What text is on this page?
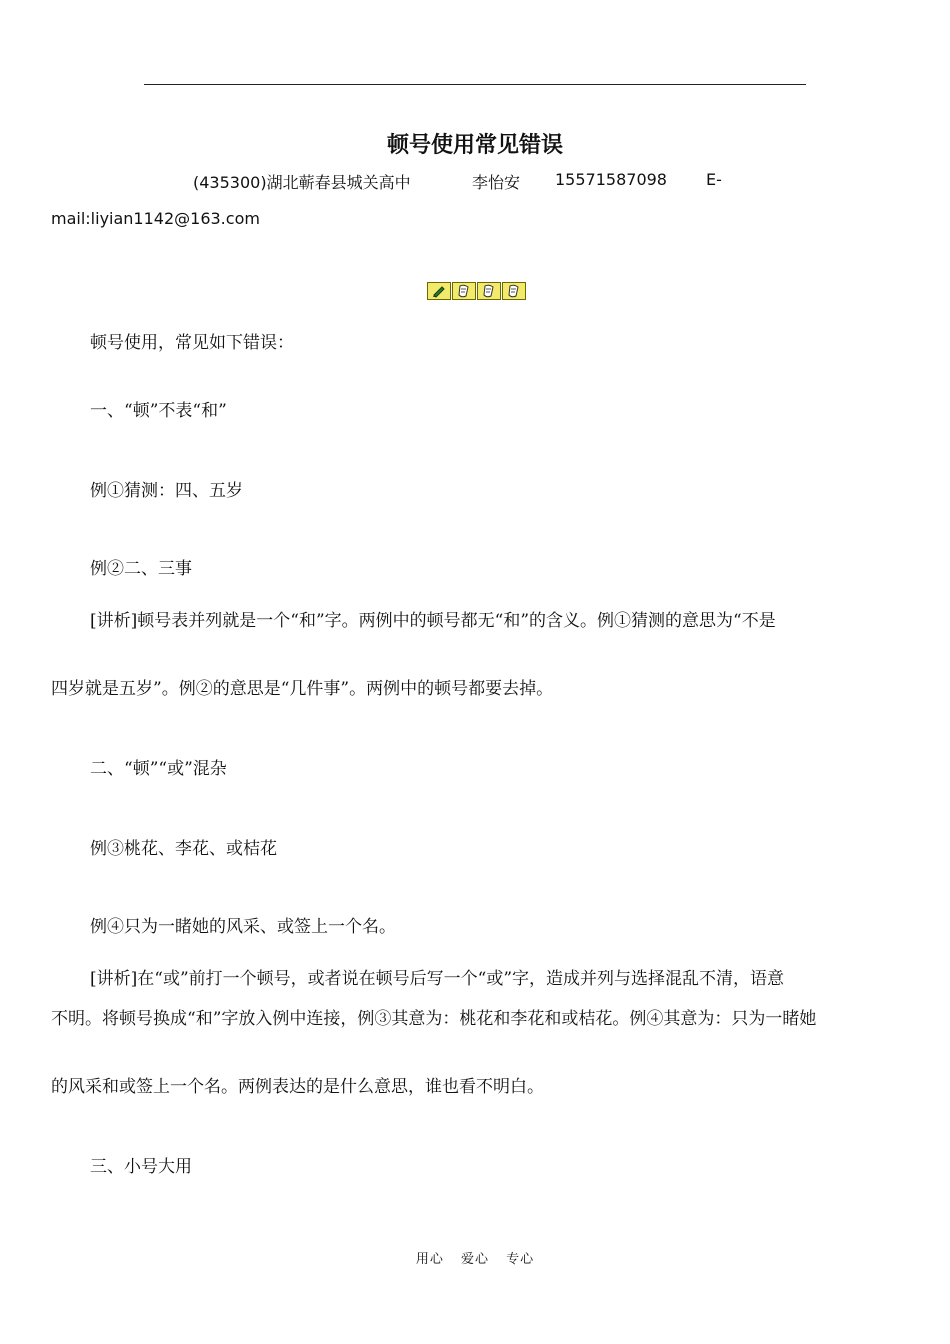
顿号使用常见错误
(435300)湖北蕲春县城关高中	李怡安 15571587098 E-
mail:liyian1142@163.com
顿号使用，常见如下错误：
一、“顿”不表“和”
例①猜测：四、五岁
例②二、三事
[讲析]顿号表并列就是一个“和”字。两例中的顿号都无“和”的含义。例①猜测的意思为“不是
四岁就是五岁”。例②的意思是“几件事”。两例中的顿号都要去掉。
二、“顿”“或”混杂
例③桃花、李花、或桔花
例④只为一睹她的风采、或签上一个名。
[讲析]在“或”前打一个顿号，或者说在顿号后写一个“或”字，造成并列与选择混乱不清，语意
不明。将顿号换成“和”字放入例中连接，例③其意为：桃花和李花和或桔花。例④其意为：只为一睹她
的风采和或签上一个名。两例表达的是什么意思，谁也看不明白。
三、小号大用
用心 爱心 专心
